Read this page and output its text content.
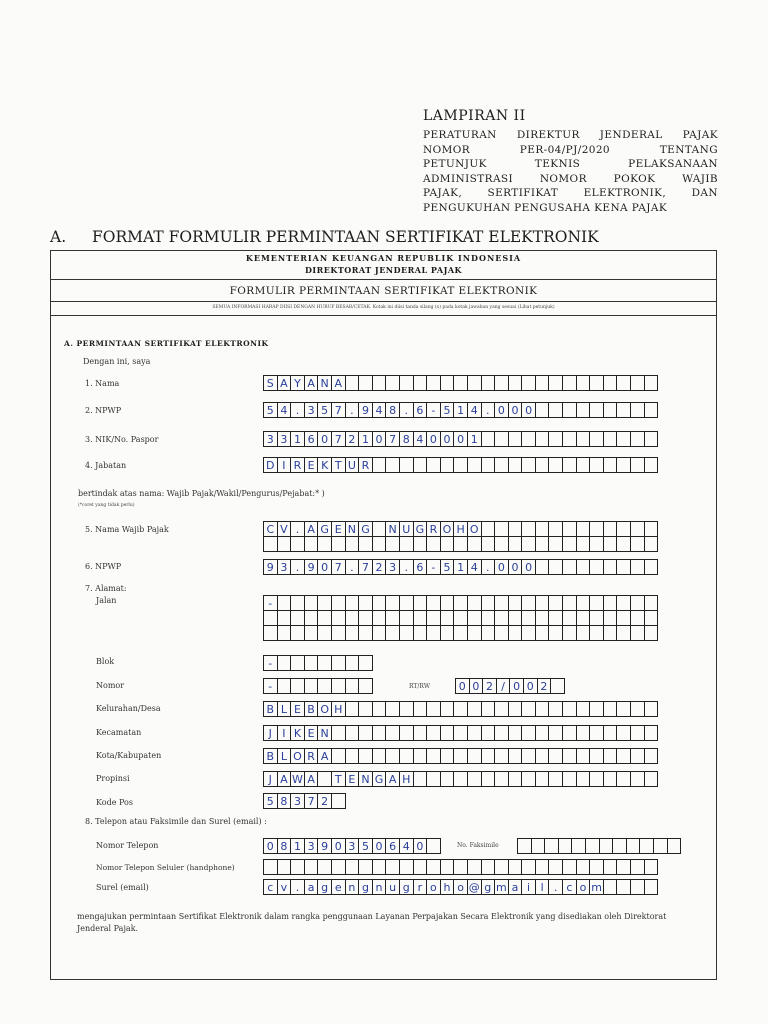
LAMPIRAN II
PERATURAN DIREKTUR JENDERAL PAJAK
NOMOR PER-04/PJ/2020 TENTANG
PETUNJUK TEKNIS PELAKSANAAN
ADMINISTRASI NOMOR POKOK WAJIB
PAJAK, SERTIFIKAT ELEKTRONIK, DAN
PENGUKUHAN PENGUSAHA KENA PAJAK
A. FORMAT FORMULIR PERMINTAAN SERTIFIKAT ELEKTRONIK
KEMENTERIAN KEUANGAN REPUBLIK INDONESIA
DIREKTORAT JENDERAL PAJAK
FORMULIR PERMINTAAN SERTIFIKAT ELEKTRONIK
SEMUA INFORMASI HARAP DIISI DENGAN HURUF BESAR/CETAK. Kotak ini diisi tanda silang (x) pada kotak jawaban yang sesuai (Lihat petunjuk)
A. PERMINTAAN SERTIFIKAT ELEKTRONIK
Dengan ini, saya
1. Nama	S A Y A N A
2. NPWP	5 4 . 3 5 7 . 9 4 8 . 6 - 5 1 4 . 0 0 0
3. NIK/No. Paspor	3 3 1 6 0 7 2 1 0 7 8 4 0 0 0 1
4. Jabatan	D I R E K T U R
bertindak atas nama: Wajib Pajak/Wakil/Pengurus/Pejabat:* )
(*coret yang tidak perlu)
5. Nama Wajib Pajak	C V . A G E N G N U G R O H O
6. NPWP	9 3 . 9 0 7 . 7 2 3 . 6 - 5 1 4 . 0 0 0
7. Alamat:
Jalan	-
Blok	-
Nomor	-	RT/RW	0 0 2 / 0 0 2
Kelurahan/Desa	B L E B O H
Kecamatan	J I K E N
Kota/Kabupaten	B L O R A
Propinsi	J A W A	T E N G A H
Kode Pos	5 8 3 7 2
8. Telepon atau Faksimile dan Surel (email) :
Nomor Telepon	0 8 1 3 9 0 3 5 0 6 4 0	No. Faksimile
Nomor Telepon Seluler (handphone)
Surel (email)	c v . a g e n g n u g r o h o @ g m a i l . c o m
mengajukan permintaan Sertifikat Elektronik dalam rangka penggunaan Layanan Perpajakan Secara Elektronik yang disediakan oleh Direktorat Jenderal Pajak.
